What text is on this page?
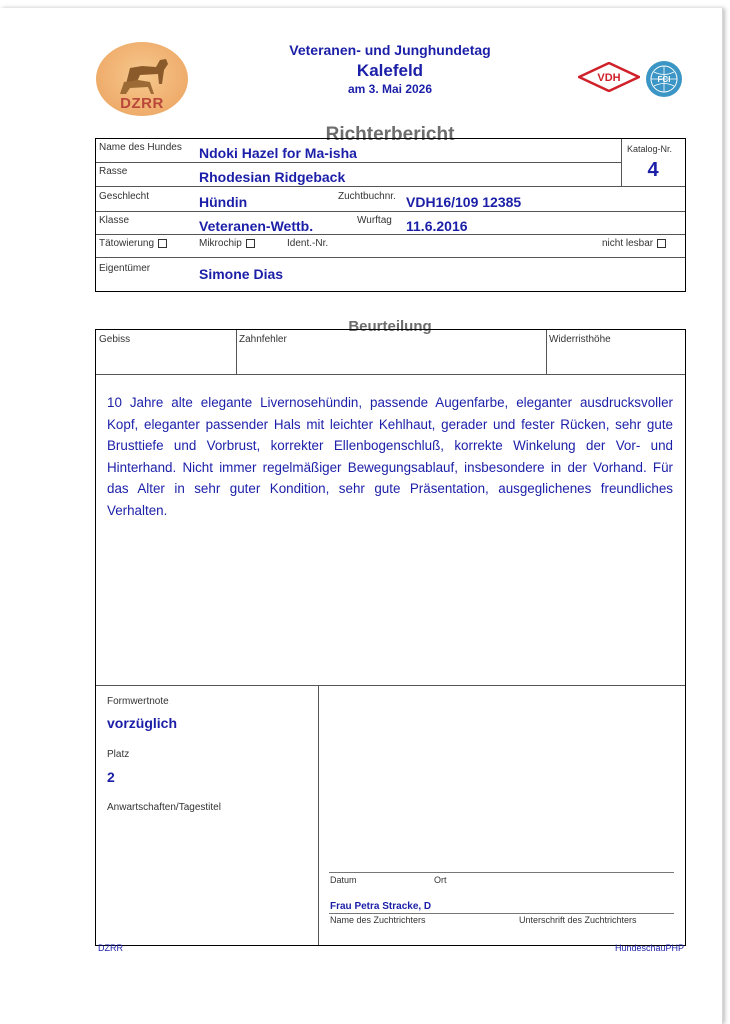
DZRR
Veteranen- und Junghundetag
Kalefeld
am 3. Mai 2026
VDH	FCI
Richterbericht
Name des Hundes Ndoki Hazel for Ma-isha	Katalog-Nr.
4
Rasse	Rhodesian Ridgeback
Geschlecht	Hündin	Zuchtbuchnr. VDH16/109 12385
Klasse	Veteranen-Wettb.	Wurftag 11.6.2016
Tätowierung	Mikrochip	Ident.-Nr.	nicht lesbar
Eigentümer	Simone Dias
Beurteilung
Gebiss	Zahnfehler	Widerristhöhe
Formwertnote
vorzüglich
Platz
2
Anwartschaften/Tagestitel
Datum	Ort
Frau Petra Stracke, D
Name des Zuchtrichters	Unterschrift des Zuchtrichters
10 Jahre alte elegante Livernosehündin, passende Augenfarbe, eleganter ausdrucksvoller Kopf, eleganter passender Hals mit leichter Kehlhaut, gerader und fester Rücken, sehr gute Brusttiefe und Vorbrust, korrekter Ellenbogenschluß, korrekte Winkelung der Vor- und Hinterhand. Nicht immer regelmäßiger Bewegungsablauf, insbesondere in der Vorhand. Für das Alter in sehr guter Kondition, sehr gute Präsentation, ausgeglichenes freundliches Verhalten.
DZRR	HundeschauPHP
